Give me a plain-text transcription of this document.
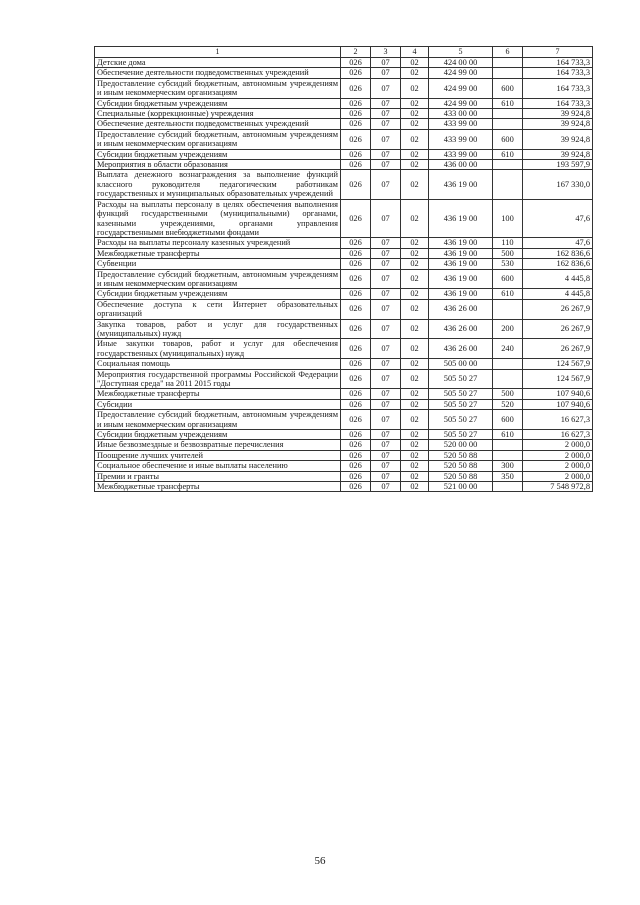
1	2	3	4	5	6	7
Детские дома	026	07	02	424 00 00		164 733,3
Обеспечение деятельности подведомственных учреждений	026	07	02	424 99 00		164 733,3
Предоставление субсидий бюджетным, автономным учреждениям и иным некоммерческим организациям	026	07	02	424 99 00	600	164 733,3
Субсидии бюджетным учреждениям	026	07	02	424 99 00	610	164 733,3
Специальные (коррекционные) учреждения	026	07	02	433 00 00		39 924,8
Обеспечение деятельности подведомственных учреждений	026	07	02	433 99 00		39 924,8
Предоставление субсидий бюджетным, автономным учреждениям и иным некоммерческим организациям	026	07	02	433 99 00	600	39 924,8
Субсидии бюджетным учреждениям	026	07	02	433 99 00	610	39 924,8
Мероприятия в области образования	026	07	02	436 00 00		193 597,9
Выплата денежного вознаграждения за выполнение функций классного руководителя педагогическим работникам государственных и муниципальных образовательных учреждений	026	07	02	436 19 00		167 330,0
Расходы на выплаты персоналу в целях обеспечения выполнения функций государственными (муниципальными) органами, казенными учреждениями, органами управления государственными внебюджетными фондами	026	07	02	436 19 00	100	47,6
Расходы на выплаты персоналу казенных учреждений	026	07	02	436 19 00	110	47,6
Межбюджетные трансферты	026	07	02	436 19 00	500	162 836,6
Субвенции	026	07	02	436 19 00	530	162 836,6
Предоставление субсидий бюджетным, автономным учреждениям и иным некоммерческим организациям	026	07	02	436 19 00	600	4 445,8
Субсидии бюджетным учреждениям	026	07	02	436 19 00	610	4 445,8
Обеспечение доступа к сети Интернет образовательных организаций	026	07	02	436 26 00		26 267,9
Закупка товаров, работ и услуг для государственных (муниципальных) нужд	026	07	02	436 26 00	200	26 267,9
Иные закупки товаров, работ и услуг для обеспечения государственных (муниципальных) нужд	026	07	02	436 26 00	240	26 267,9
Социальная помощь	026	07	02	505 00 00		124 567,9
Мероприятия государственной программы Российской Федерации "Доступная среда" на 2011 2015 годы	026	07	02	505 50 27		124 567,9
Межбюджетные трансферты	026	07	02	505 50 27	500	107 940,6
Субсидии	026	07	02	505 50 27	520	107 940,6
Предоставление субсидий бюджетным, автономным учреждениям и иным некоммерческим организациям	026	07	02	505 50 27	600	16 627,3
Субсидии бюджетным учреждениям	026	07	02	505 50 27	610	16 627,3
Иные безвозмездные и безвозвратные перечисления	026	07	02	520 00 00		2 000,0
Поощрение лучших учителей	026	07	02	520 50 88		2 000,0
Социальное обеспечение и иные выплаты населению	026	07	02	520 50 88	300	2 000,0
Премии и гранты	026	07	02	520 50 88	350	2 000,0
Межбюджетные трансферты	026	07	02	521 00 00		7 548 972,8
56
